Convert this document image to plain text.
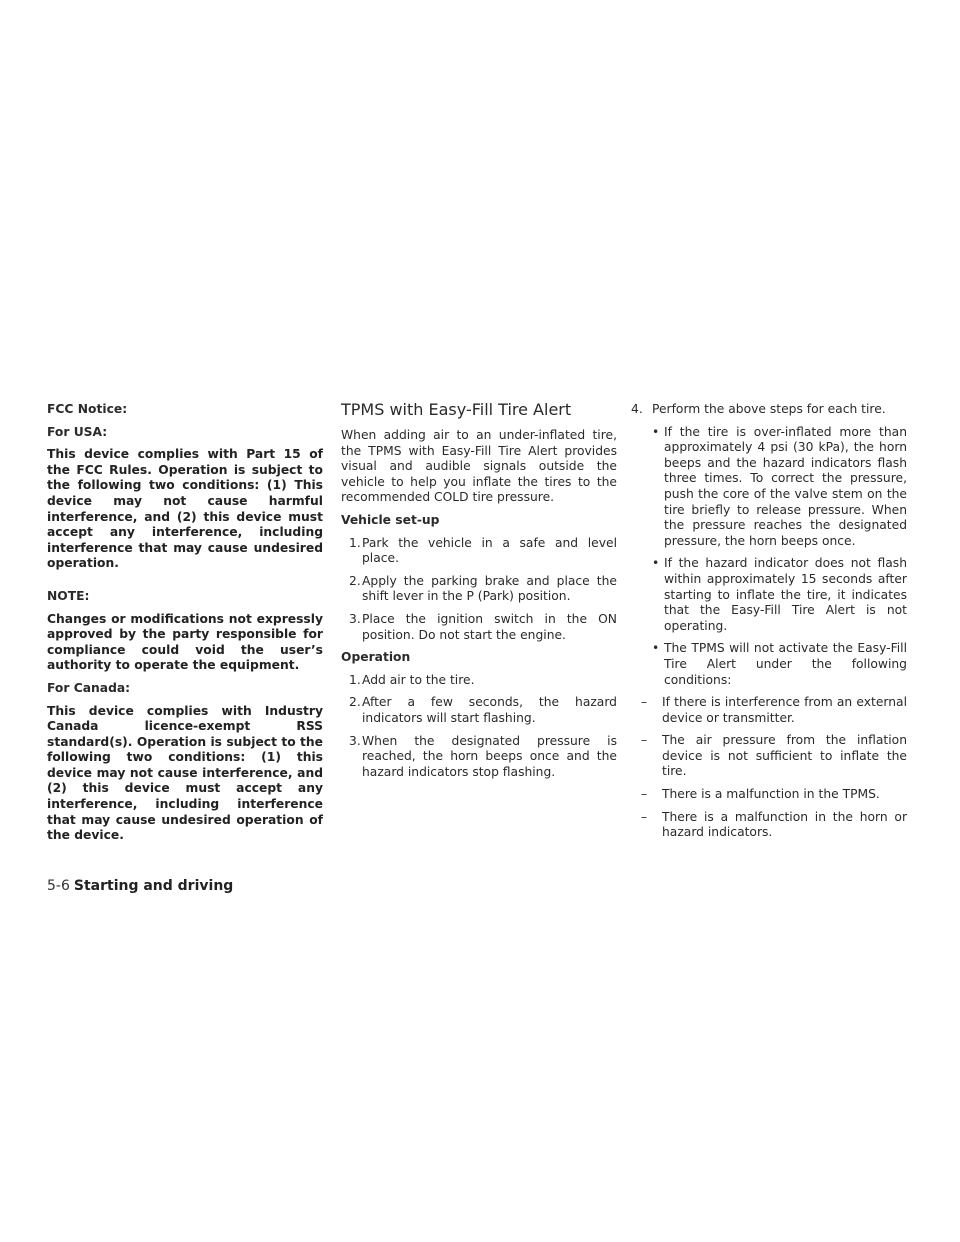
FCC Notice:
For USA:

This device complies with Part 15 of the FCC Rules. Operation is subject to the following two conditions: (1) This device may not cause harmful interference, and (2) this device must accept any interference, including interference that may cause undesired operation.

NOTE:

Changes or modifications not expressly approved by the party responsible for compliance could void the user’s authority to operate the equipment.

For Canada:

This device complies with Industry Canada licence-exempt RSS standard(s). Operation is subject to the following two conditions: (1) this device may not cause interference, and (2) this device must accept any interference, including interference that may cause undesired operation of the device.

TPMS with Easy-Fill Tire Alert

When adding air to an under-inflated tire, the TPMS with Easy-Fill Tire Alert provides visual and audible signals outside the vehicle to help you inflate the tires to the recommended COLD tire pressure.

Vehicle set-up
1. Park the vehicle in a safe and level place.
2. Apply the parking brake and place the shift lever in the P (Park) position.
3. Place the ignition switch in the ON position. Do not start the engine.
Operation
1. Add air to the tire.
2. After a few seconds, the hazard indicators will start flashing.
3. When the designated pressure is reached, the horn beeps once and the hazard indicators stop flashing.
4. Perform the above steps for each tire.
• If the tire is over-inflated more than approximately 4 psi (30 kPa), the horn beeps and the hazard indicators flash three times. To correct the pressure, push the core of the valve stem on the tire briefly to release pressure. When the pressure reaches the designated pressure, the horn beeps once.
• If the hazard indicator does not flash within approximately 15 seconds after starting to inflate the tire, it indicates that the Easy-Fill Tire Alert is not operating.
• The TPMS will not activate the Easy-Fill Tire Alert under the following conditions:
– If there is interference from an external device or transmitter.
– The air pressure from the inflation device is not sufficient to inflate the tire.
– There is a malfunction in the TPMS.
– There is a malfunction in the horn or hazard indicators.
5-6 Starting and driving
